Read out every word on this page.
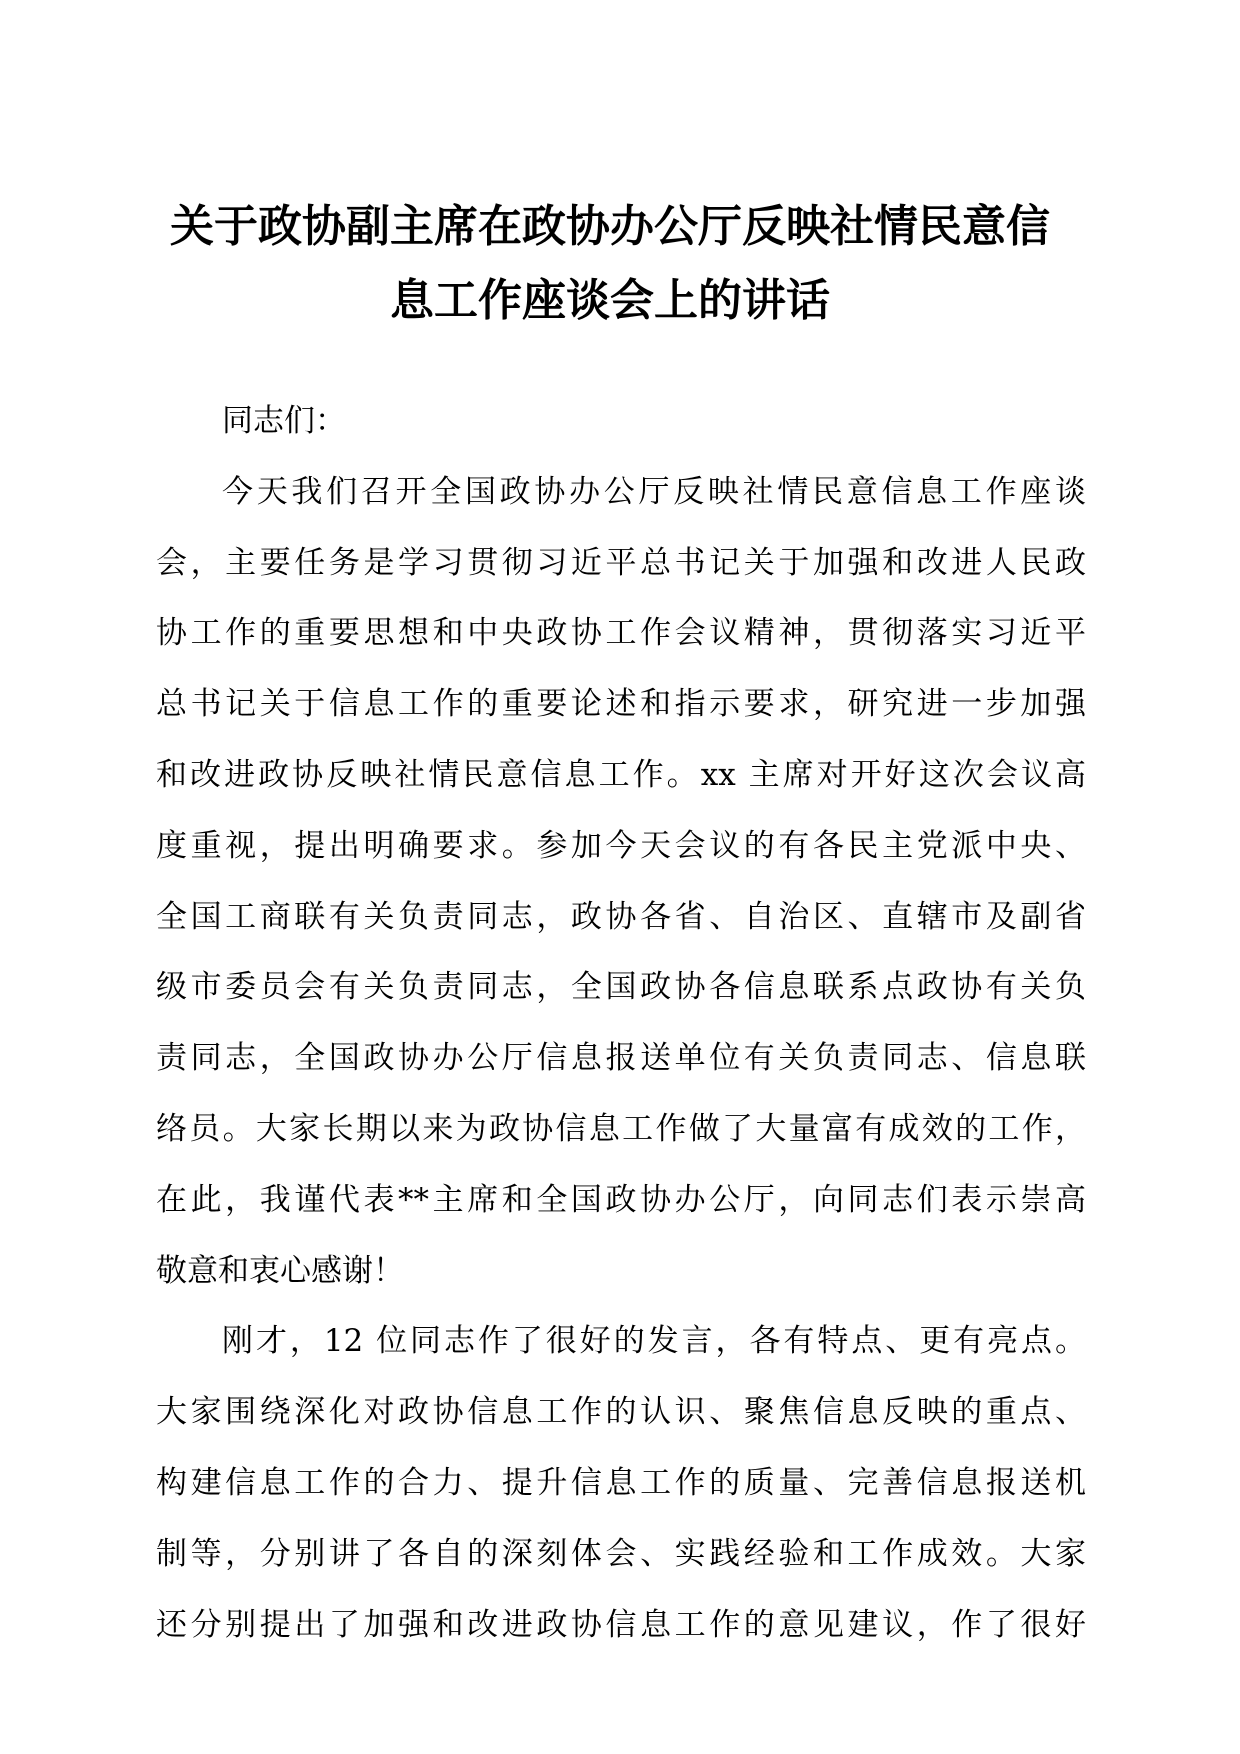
关于政协副主席在政协办公厅反映社情民意信
息工作座谈会上的讲话
同志们：
今天我们召开全国政协办公厅反映社情民意信息工作座谈
会，主要任务是学习贯彻习近平总书记关于加强和改进人民政
协工作的重要思想和中央政协工作会议精神，贯彻落实习近平
总书记关于信息工作的重要论述和指示要求，研究进一步加强
和改进政协反映社情民意信息工作。xx 主席对开好这次会议高
度重视，提出明确要求。参加今天会议的有各民主党派中央、
全国工商联有关负责同志，政协各省、自治区、直辖市及副省
级市委员会有关负责同志，全国政协各信息联系点政协有关负
责同志，全国政协办公厅信息报送单位有关负责同志、信息联
络员。大家长期以来为政协信息工作做了大量富有成效的工作，
在此，我谨代表**主席和全国政协办公厅，向同志们表示崇高
敬意和衷心感谢！
刚才，12 位同志作了很好的发言，各有特点、更有亮点。
大家围绕深化对政协信息工作的认识、聚焦信息反映的重点、
构建信息工作的合力、提升信息工作的质量、完善信息报送机
制等，分别讲了各自的深刻体会、实践经验和工作成效。大家
还分别提出了加强和改进政协信息工作的意见建议，作了很好
